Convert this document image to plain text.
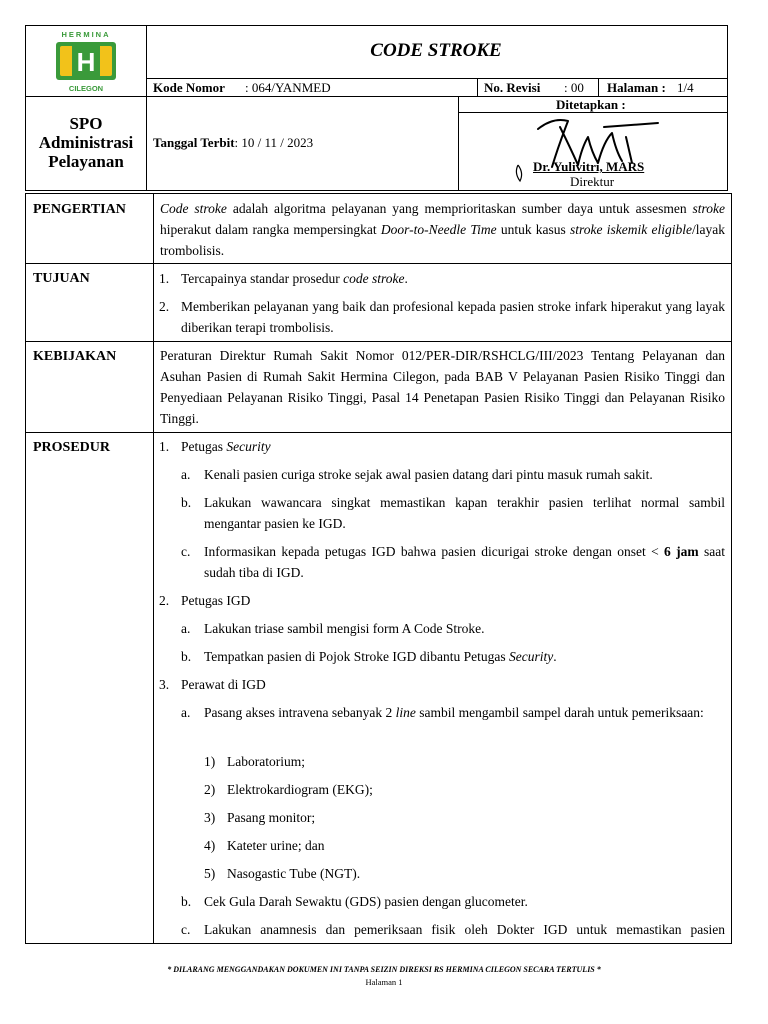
HERMINA
H
CILEGON
CODE STROKE
Kode Nomor : 064/YANMED	No. Revisi : 00 Halaman : 1/4
SPO
Administrasi
Pelayanan
Tanggal Terbit: 10 / 11 / 2023
Ditetapkan :
Dr. Yulivitri, MARS
Direktur
PENGERTIAN	Code stroke adalah algoritma pelayanan yang memprioritaskan sumber daya untuk assesmen stroke hiperakut dalam rangka mempersingkat Door-to-Needle Time untuk kasus stroke iskemik eligible/layak trombolisis.
TUJUAN	1. Tercapainya standar prosedur code stroke.
2. Memberikan pelayanan yang baik dan profesional kepada pasien stroke infark hiperakut yang layak diberikan terapi trombolisis.
KEBIJAKAN	Peraturan Direktur Rumah Sakit Nomor 012/PER-DIR/RSHCLG/III/2023 Tentang Pelayanan dan Asuhan Pasien di Rumah Sakit Hermina Cilegon, pada BAB V Pelayanan Pasien Risiko Tinggi dan Penyediaan Pelayanan Risiko Tinggi, Pasal 14 Penetapan Pasien Risiko Tinggi dan Pelayanan Risiko Tinggi.
PROSEDUR	1. Petugas Security
a. Kenali pasien curiga stroke sejak awal pasien datang dari pintu masuk rumah sakit.
b. Lakukan wawancara singkat memastikan kapan terakhir pasien terlihat normal sambil mengantar pasien ke IGD.
c. Informasikan kepada petugas IGD bahwa pasien dicurigai stroke dengan onset < 6 jam saat sudah tiba di IGD.
2. Petugas IGD
a. Lakukan triase sambil mengisi form A Code Stroke.
b. Tempatkan pasien di Pojok Stroke IGD dibantu Petugas Security.
3. Perawat di IGD
a. Pasang akses intravena sebanyak 2 line sambil mengambil sampel darah untuk pemeriksaan:
1) Laboratorium;
2) Elektrokardiogram (EKG);
3) Pasang monitor;
4) Kateter urine; dan
5) Nasogastic Tube (NGT).
b. Cek Gula Darah Sewaktu (GDS) pasien dengan glucometer.
c. Lakukan anamnesis dan pemeriksaan fisik oleh Dokter IGD untuk memastikan pasien
* DILARANG MENGGANDAKAN DOKUMEN INI TANPA SEIZIN DIREKSI RS HERMINA CILEGON SECARA TERTULIS *
Halaman 1
